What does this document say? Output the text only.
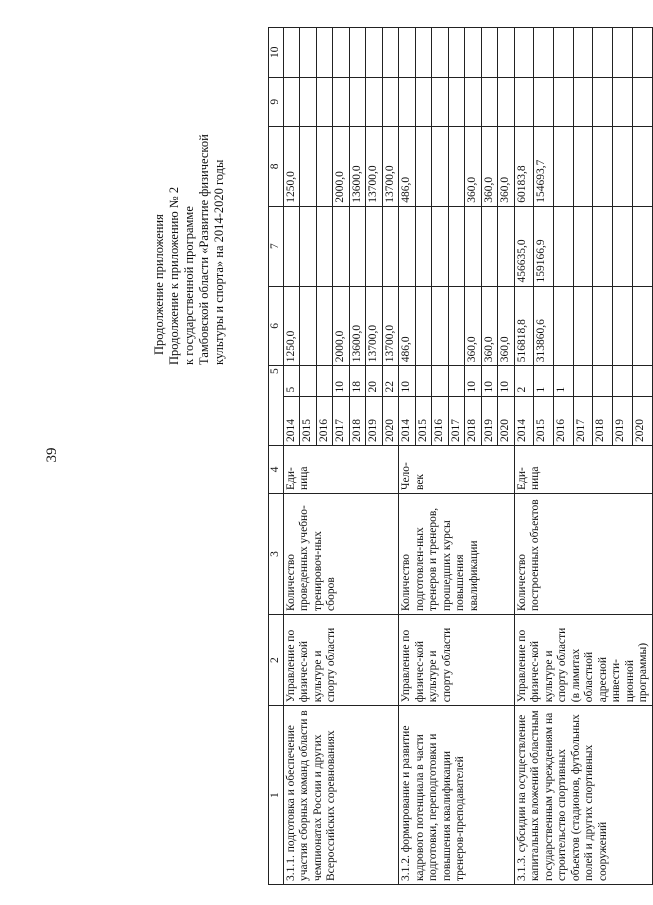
39
Продолжение приложения Продолжение к приложению № 2 к государственной программе Тамбовской области «Развитие физической культуры и спорта» на 2014-2020 годы
1	2	3	4	5		6	7	8	9	10
3.1.1. подготовка и обеспечение участия сборных команд области в чемпионатах России и других Всероссийских соревнованиях	Управление по физичес-кой культуре и спорту области	Количество проведенных учебно-тренировоч-ных сборов	Еди-ница	2014	5	1250,0		1250,0		
				2015						
				2016						
				2017	10	2000,0		2000,0		
				2018	18	13600,0		13600,0		
				2019	20	13700,0		13700,0		
				2020	22	13700,0		13700,0		
3.1.2. формирование и развитие кадрового потенциала в части подготовки, переподготовки и повышения квалификации тренеров-преподавателей	Управление по физичес-кой культуре и спорту области	Количество подготовлен-ных тренеров и тренеров, прошедших курсы повышения квалификации	Чело-век	2014	10	486,0		486,0		
				2015						
				2016						
				2017						
				2018	10	360,0		360,0		
				2019	10	360,0		360,0		
				2020	10	360,0		360,0		
3.1.3. субсидии на осуществление капитальных вложений областным государственным учреждениям на строительство спортивных объектов (стадионов, футбольных полей и других спортивных сооружений	Управление по физичес-кой культуре и спорту области (в лимитах областной адресной инвести-ционной программы)	Количество построенных объектов	Еди-ница	2014	2	516818,8	456635,0	60183,8		
				2015	1	313860,6	159166,9	154693,7		
				2016	1					
				2017						
				2018						
				2019						
				2020						
